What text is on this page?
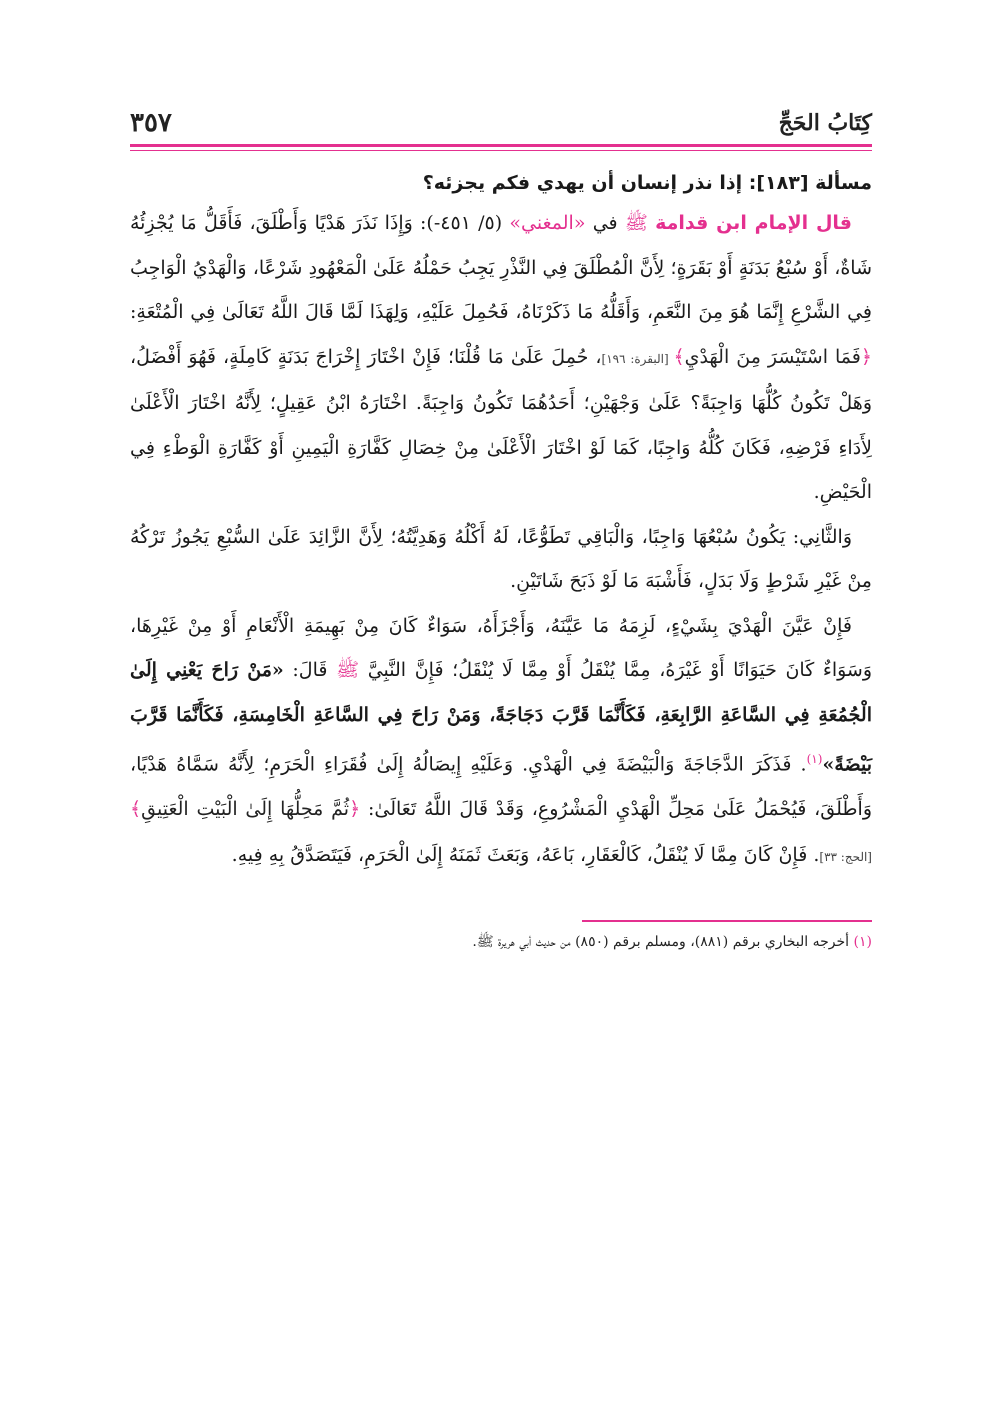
كِتَابُ الحَجِّ
٣٥٧
مسألة [١٨٣]: إذا نذر إنسان أن يهدي فكم يجزئه؟

قال الإمام ابن قدامة ﷺ في «المغني» (٥/ ٤٥١-): وَإِذَا نَذَرَ هَدْيًا وَأَطْلَقَ، فَأَقَلُّ مَا يُجْزِئُهُ شَاةٌ، أَوْ سُبْعُ بَدَنَةٍ أَوْ بَقَرَةٍ؛ لِأَنَّ الْمُطْلَقَ فِي النَّذْرِ يَجِبُ حَمْلُهُ عَلَىٰ الْمَعْهُودِ شَرْعًا، وَالْهَدْيُ الْوَاجِبُ فِي الشَّرْعِ إِنَّمَا هُوَ مِنَ النَّعَمِ، وَأَقَلُّهُ مَا ذَكَرْنَاهُ، فَحُمِلَ عَلَيْهِ، وَلِهَذَا لَمَّا قَالَ اللَّهُ تَعَالَىٰ فِي الْمُتْعَةِ: ﴿فَمَا اسْتَيْسَرَ مِنَ الْهَدْيِ﴾ [البقرة: ١٩٦]، حُمِلَ عَلَىٰ مَا قُلْنَا؛ فَإِنْ اخْتَارَ إِخْرَاجَ بَدَنَةٍ كَامِلَةٍ، فَهُوَ أَفْضَلُ، وَهَلْ تَكُونُ كُلُّهَا وَاجِبَةً؟ عَلَىٰ وَجْهَيْنِ؛ أَحَدُهُمَا تَكُونُ وَاجِبَةً. اخْتَارَهُ ابْنُ عَقِيلٍ؛ لِأَنَّهُ اخْتَارَ الْأَعْلَىٰ لِأَدَاءِ فَرْضِهِ، فَكَانَ كُلُّهُ وَاجِبًا، كَمَا لَوْ اخْتَارَ الْأَعْلَىٰ مِنْ خِصَالِ كَفَّارَةِ الْيَمِينِ أَوْ كَفَّارَةِ الْوَطْءِ فِي الْحَيْضِ.

وَالثَّانِي: يَكُونُ سُبْعُهَا وَاجِبًا، وَالْبَاقِي تَطَوُّعًا، لَهُ أَكْلُهُ وَهَدِيَّتُهُ؛ لِأَنَّ الزَّائِدَ عَلَىٰ السُّبْعِ يَجُوزُ تَرْكُهُ مِنْ غَيْرِ شَرْطٍ وَلَا بَدَلٍ، فَأَشْبَهَ مَا لَوْ ذَبَحَ شَاتَيْنِ.

فَإِنْ عَيَّنَ الْهَدْيَ بِشَيْءٍ، لَزِمَهُ مَا عَيَّنَهُ، وَأَجْزَأَهُ، سَوَاءٌ كَانَ مِنْ بَهِيمَةِ الْأَنْعَامِ أَوْ مِنْ غَيْرِهَا، وَسَوَاءٌ كَانَ حَيَوَانًا أَوْ غَيْرَهُ، مِمَّا يُنْقَلُ أَوْ مِمَّا لَا يُنْقَلُ؛ فَإِنَّ النَّبِيَّ ﷺ قَالَ: «مَنْ رَاحَ يَعْنِي إِلَىٰ الْجُمُعَةِ فِي السَّاعَةِ الرَّابِعَةِ، فَكَأَنَّمَا قَرَّبَ دَجَاجَةً، وَمَنْ رَاحَ فِي السَّاعَةِ الْخَامِسَةِ، فَكَأَنَّمَا قَرَّبَ بَيْضَةً»$^{(١)}$. فَذَكَرَ الدَّجَاجَةَ وَالْبَيْضَةَ فِي الْهَدْيِ. وَعَلَيْهِ إِيصَالُهُ إِلَىٰ فُقَرَاءِ الْحَرَمِ؛ لِأَنَّهُ سَمَّاهُ هَدْيًا، وَأَطْلَقَ، فَيُحْمَلُ عَلَىٰ مَحِلِّ الْهَدْيِ الْمَشْرُوعِ، وَقَدْ قَالَ اللَّهُ تَعَالَىٰ: ﴿ثُمَّ مَحِلُّهَا إِلَىٰ الْبَيْتِ الْعَتِيقِ﴾ [الحج: ٣٣]. فَإِنْ كَانَ مِمَّا لَا يُنْقَلُ، كَالْعَقَارِ، بَاعَهُ، وَبَعَثَ ثَمَنَهُ إِلَىٰ الْحَرَمِ، فَيَتَصَدَّقُ بِهِ فِيهِ.

(١) أخرجه البخاري برقم (٨٨١)، ومسلم برقم (٨٥٠) من حديث أبي هريرة ﷺ.
